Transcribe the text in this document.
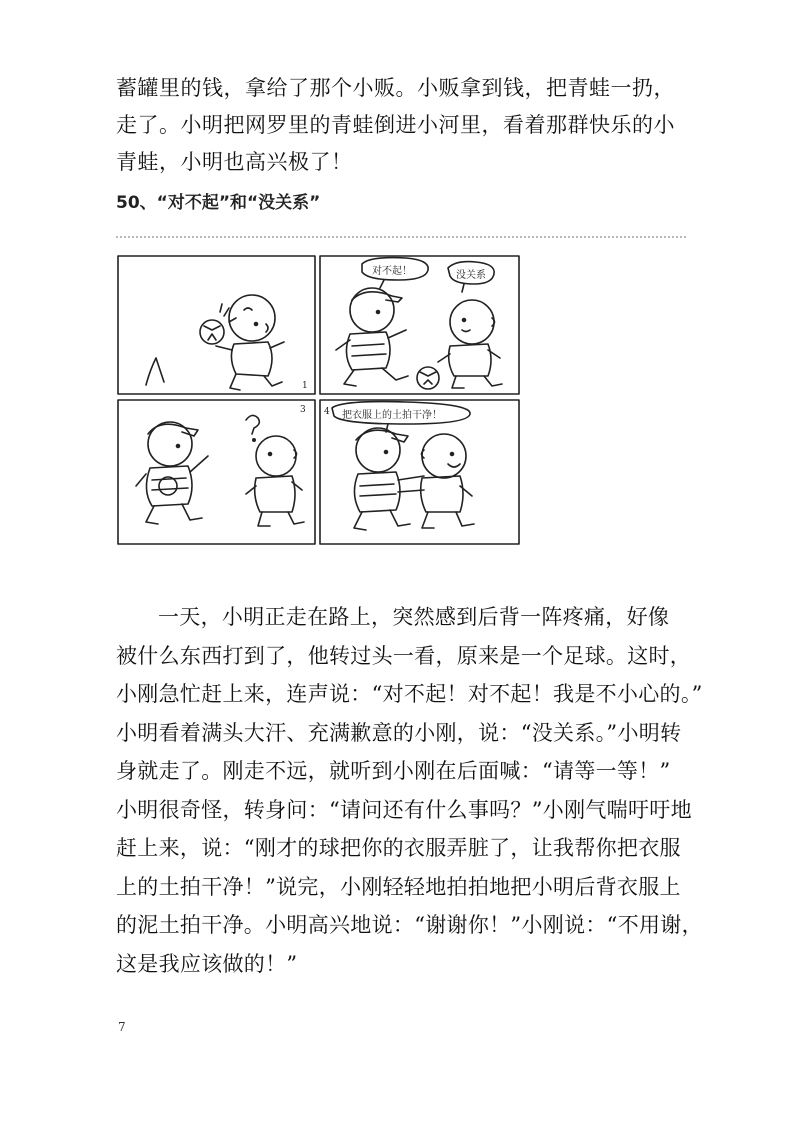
蓄罐里的钱，拿给了那个小贩。小贩拿到钱，把青蛙一扔，

走了。小明把网罗里的青蛙倒进小河里，看着那群快乐的小

青蛙，小明也高兴极了！

50、“对不起”和“没关系”
1
对不起！	没关系
3 4 把衣服上的土拍干净！

一天，小明正走在路上，突然感到后背一阵疼痛，好像

被什么东西打到了，他转过头一看，原来是一个足球。这时，

小刚急忙赶上来，连声说：“对不起！对不起！我是不小心的。”

小明看着满头大汗、充满歉意的小刚，说：“没关系。”小明转

身就走了。刚走不远，就听到小刚在后面喊：“请等一等！”

小明很奇怪，转身问：“请问还有什么事吗？”小刚气喘吁吁地

赶上来，说：“刚才的球把你的衣服弄脏了，让我帮你把衣服

上的土拍干净！”说完，小刚轻轻地拍拍地把小明后背衣服上

的泥土拍干净。小明高兴地说：“谢谢你！”小刚说：“不用谢，

这是我应该做的！”

7
